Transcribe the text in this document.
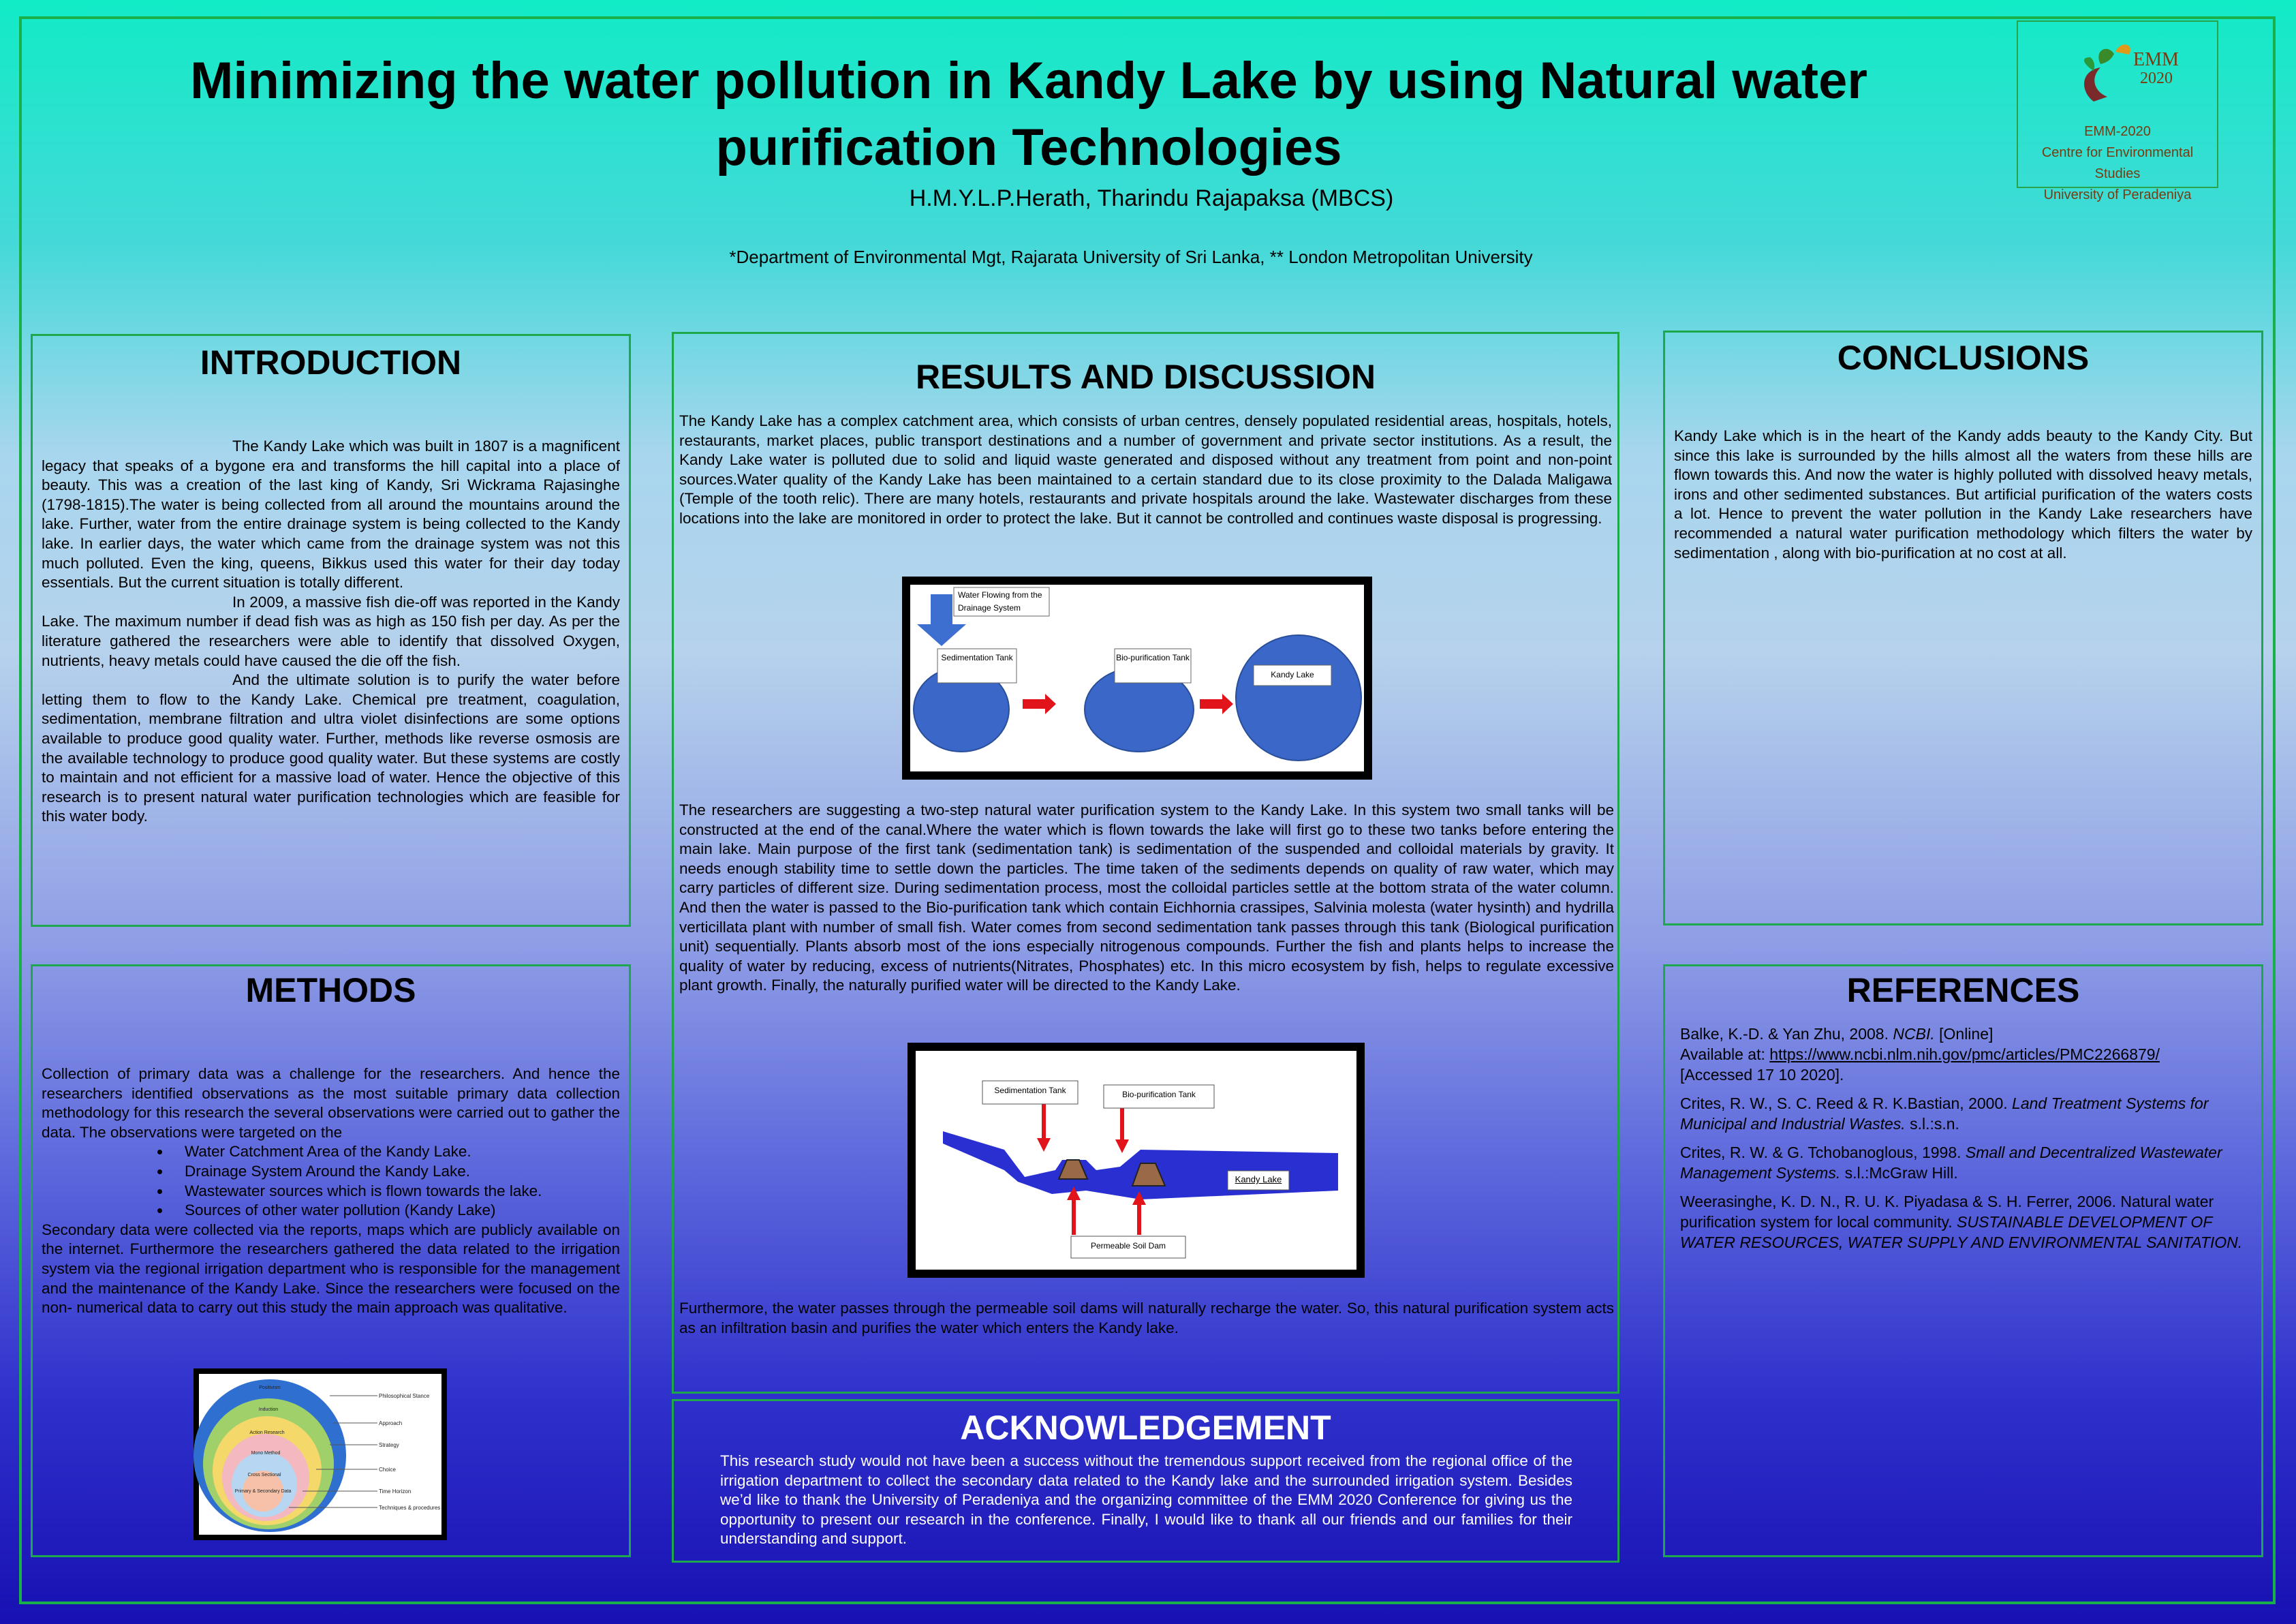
Minimizing the water pollution in Kandy Lake by using Natural water purification Technologies
H.M.Y.L.P.Herath, Tharindu Rajapaksa (MBCS)
*Department of Environmental Mgt, Rajarata University of Sri Lanka, ** London Metropolitan University
EMM
2020
EMM-2020
Centre for Environmental Studies
University of Peradeniya
INTRODUCTION

The Kandy Lake which was built in 1807 is a magnificent legacy that speaks of a bygone era and transforms the hill capital into a place of beauty. This was a creation of the last king of Kandy, Sri Wickrama Rajasinghe (1798-1815).The water is being collected from all around the mountains around the lake. Further, water from the entire drainage system is being collected to the Kandy lake. In earlier days, the water which came from the drainage system was not this much polluted. Even the king, queens, Bikkus used this water for their day today essentials. But the current situation is totally different.

In 2009, a massive fish die-off was reported in the Kandy Lake. The maximum number if dead fish was as high as 150 fish per day. As per the literature gathered the researchers were able to identify that dissolved Oxygen, nutrients, heavy metals could have caused the die off the fish.

And the ultimate solution is to purify the water before letting them to flow to the Kandy Lake. Chemical pre treatment, coagulation, sedimentation, membrane filtration and ultra violet disinfections are some options available to produce good quality water. Further, methods like reverse osmosis are the available technology to produce good quality water. But these systems are costly to maintain and not efficient for a massive load of water. Hence the objective of this research is to present natural water purification technologies which are feasible for this water body.

METHODS

Collection of primary data was a challenge for the researchers. And hence the researchers identified observations as the most suitable primary data collection methodology for this research the several observations were carried out to gather the data. The observations were targeted on the

• Water Catchment Area of the Kandy Lake.
• Drainage System Around the Kandy Lake.
• Wastewater sources which is flown towards the lake.
• Sources of other water pollution (Kandy Lake)

Secondary data were collected via the reports, maps which are publicly available on the internet. Furthermore the researchers gathered the data related to the irrigation system via the regional irrigation department who is responsible for the management and the maintenance of the Kandy Lake. Since the researchers were focused on the non- numerical data to carry out this study the main approach was qualitative.

Philosophical Stance
Approach
Strategy
Choice
Time Horizon
Techniques & procedures
Positivism
Induction
Action Research
Mono Method
Cross Sectional
Primary & Secondary Data
RESULTS AND DISCUSSION

The Kandy Lake has a complex catchment area, which consists of urban centres, densely populated residential areas, hospitals, hotels, restaurants, market places, public transport destinations and a number of government and private sector institutions. As a result, the Kandy Lake water is polluted due to solid and liquid waste generated and disposed without any treatment from point and non-point sources.Water quality of the Kandy Lake has been maintained to a certain standard due to its close proximity to the Dalada Maligawa (Temple of the tooth relic). There are many hotels, restaurants and private hospitals around the lake. Wastewater discharges from these locations into the lake are monitored in order to protect the lake. But it cannot be controlled and continues waste disposal is progressing.

Water Flowing from the Drainage System
Sedimentation Tank	Bio-purification Tank
Kandy Lake

The researchers are suggesting a two-step natural water purification system to the Kandy Lake. In this system two small tanks will be constructed at the end of the canal.Where the water which is flown towards the lake will first go to these two tanks before entering the main lake. Main purpose of the first tank (sedimentation tank) is sedimentation of the suspended and colloidal materials by gravity. It needs enough stability time to settle down the particles. The time taken of the sediments depends on quality of raw water, which may carry particles of different size. During sedimentation process, most the colloidal particles settle at the bottom strata of the water column. And then the water is passed to the Bio-purification tank which contain Eichhornia crassipes, Salvinia molesta (water hysinth) and hydrilla verticillata plant with number of small fish. Water comes from second sedimentation tank passes through this tank (Biological purification unit) sequentially. Plants absorb most of the ions especially nitrogenous compounds. Further the fish and plants helps to increase the quality of water by reducing, excess of nutrients(Nitrates, Phosphates) etc. In this micro ecosystem by fish, helps to regulate excessive plant growth. Finally, the naturally purified water will be directed to the Kandy Lake.

Sedimentation Tank	Bio-purification Tank
Kandy Lake
Permeable Soil Dam

Furthermore, the water passes through the permeable soil dams will naturally recharge the water. So, this natural purification system acts as an infiltration basin and purifies the water which enters the Kandy lake.

ACKNOWLEDGEMENT

This research study would not have been a success without the tremendous support received from the regional office of the irrigation department to collect the secondary data related to the Kandy lake and the surrounded irrigation system. Besides we’d like to thank the University of Peradeniya and the organizing committee of the EMM 2020 Conference for giving us the opportunity to present our research in the conference. Finally, I would like to thank all our friends and our families for their understanding and support.

CONCLUSIONS

Kandy Lake which is in the heart of the Kandy adds beauty to the Kandy City. But since this lake is surrounded by the hills almost all the waters from these hills are flown towards this. And now the water is highly polluted with dissolved heavy metals, irons and other sedimented substances. But artificial purification of the waters costs a lot. Hence to prevent the water pollution in the Kandy Lake researchers have recommended a natural water purification methodology which filters the water by sedimentation , along with bio-purification at no cost at all.

REFERENCES

Balke, K.-D. & Yan Zhu, 2008. NCBI. [Online]
Available at: https://www.ncbi.nlm.nih.gov/pmc/articles/PMC2266879/
[Accessed 17 10 2020].

Crites, R. W., S. C. Reed & R. K.Bastian, 2000. Land Treatment Systems for Municipal and Industrial Wastes. s.l.:s.n.

Crites, R. W. & G. Tchobanoglous, 1998. Small and Decentralized Wastewater Management Systems. s.l.:McGraw Hill.

Weerasinghe, K. D. N., R. U. K. Piyadasa & S. H. Ferrer, 2006. Natural water purification system for local community. SUSTAINABLE DEVELOPMENT OF WATER RESOURCES, WATER SUPPLY AND ENVIRONMENTAL SANITATION.
